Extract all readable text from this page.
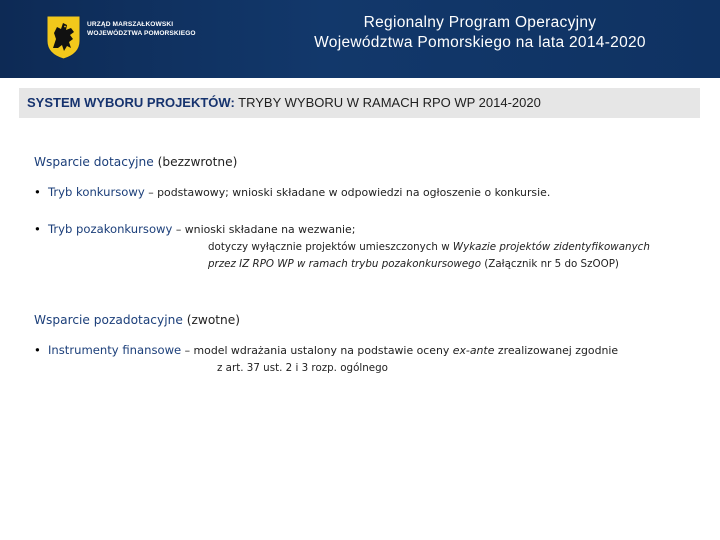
URZĄD MARSZAŁKOWSKI
WOJEWÓDZTWA POMORSKIEGO
Regionalny Program Operacyjny
Województwa Pomorskiego na lata 2014-2020
SYSTEM WYBORU PROJEKTÓW: TRYBY WYBORU W RAMACH RPO WP 2014-2020
Wsparcie dotacyjne (bezzwrotne)
• Tryb konkursowy – podstawowy; wnioski składane w odpowiedzi na ogłoszenie o konkursie.
• Tryb pozakonkursowy – wnioski składane na wezwanie;
dotyczy wyłącznie projektów umieszczonych w Wykazie projektów zidentyfikowanych
przez IZ RPO WP w ramach trybu pozakonkursowego (Załącznik nr 5 do SzOOP)
Wsparcie pozadotacyjne (zwotne)
• Instrumenty finansowe – model wdrażania ustalony na podstawie oceny ex-ante zrealizowanej zgodnie
z art. 37 ust. 2 i 3 rozp. ogólnego
